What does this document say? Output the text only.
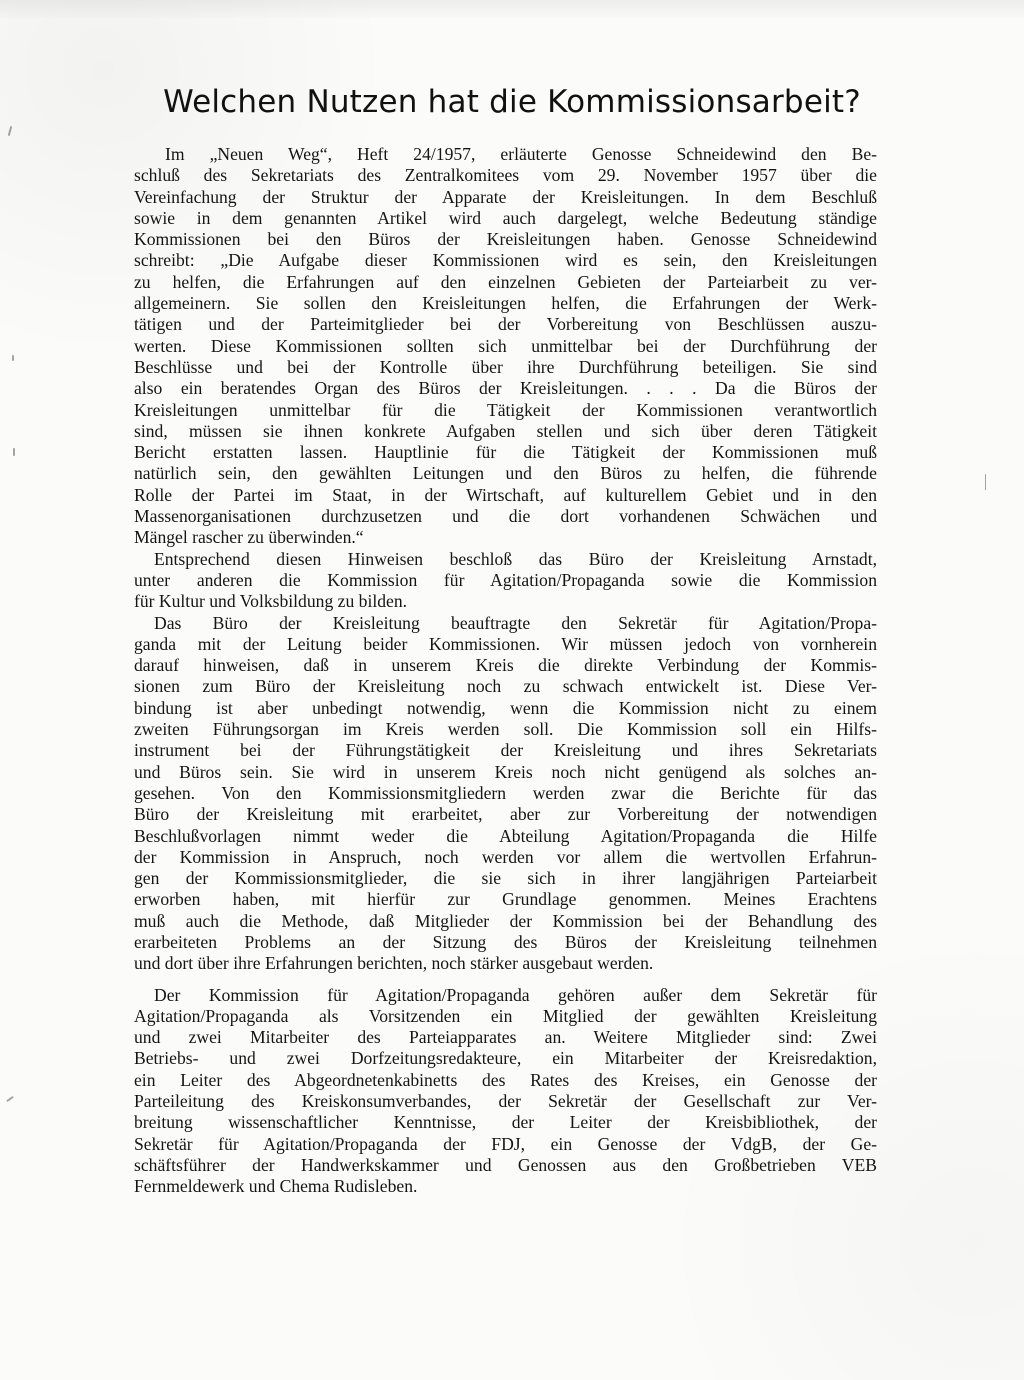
Welchen Nutzen hat die Kommissionsarbeit?

Im „Neuen Weg“, Heft 24/1957, erläuterte Genosse Schneidewind den Be-
schluß des Sekretariats des Zentralkomitees vom 29. November 1957 über die
Vereinfachung der Struktur der Apparate der Kreisleitungen. In dem Beschluß
sowie in dem genannten Artikel wird auch dargelegt, welche Bedeutung ständige
Kommissionen bei den Büros der Kreisleitungen haben. Genosse Schneidewind
schreibt: „Die Aufgabe dieser Kommissionen wird es sein, den Kreisleitungen
zu helfen, die Erfahrungen auf den einzelnen Gebieten der Parteiarbeit zu ver-
allgemeinern. Sie sollen den Kreisleitungen helfen, die Erfahrungen der Werk-
tätigen und der Parteimitglieder bei der Vorbereitung von Beschlüssen auszu-
werten. Diese Kommissionen sollten sich unmittelbar bei der Durchführung der
Beschlüsse und bei der Kontrolle über ihre Durchführung beteiligen. Sie sind
also ein beratendes Organ des Büros der Kreisleitungen. . . . Da die Büros der
Kreisleitungen unmittelbar für die Tätigkeit der Kommissionen verantwortlich
sind, müssen sie ihnen konkrete Aufgaben stellen und sich über deren Tätigkeit
Bericht erstatten lassen. Hauptlinie für die Tätigkeit der Kommissionen muß
natürlich sein, den gewählten Leitungen und den Büros zu helfen, die führende
Rolle der Partei im Staat, in der Wirtschaft, auf kulturellem Gebiet und in den
Massenorganisationen durchzusetzen und die dort vorhandenen Schwächen und
Mängel rascher zu überwinden.“

Entsprechend diesen Hinweisen beschloß das Büro der Kreisleitung Arnstadt,
unter anderen die Kommission für Agitation/Propaganda sowie die Kommission
für Kultur und Volksbildung zu bilden.

Das Büro der Kreisleitung beauftragte den Sekretär für Agitation/Propa-
ganda mit der Leitung beider Kommissionen. Wir müssen jedoch von vornherein
darauf hinweisen, daß in unserem Kreis die direkte Verbindung der Kommis-
sionen zum Büro der Kreisleitung noch zu schwach entwickelt ist. Diese Ver-
bindung ist aber unbedingt notwendig, wenn die Kommission nicht zu einem
zweiten Führungsorgan im Kreis werden soll. Die Kommission soll ein Hilfs-
instrument bei der Führungstätigkeit der Kreisleitung und ihres Sekretariats
und Büros sein. Sie wird in unserem Kreis noch nicht genügend als solches an-
gesehen. Von den Kommissionsmitgliedern werden zwar die Berichte für das
Büro der Kreisleitung mit erarbeitet, aber zur Vorbereitung der notwendigen
Beschlußvorlagen nimmt weder die Abteilung Agitation/Propaganda die Hilfe
der Kommission in Anspruch, noch werden vor allem die wertvollen Erfahrun-
gen der Kommissionsmitglieder, die sie sich in ihrer langjährigen Parteiarbeit
erworben haben, mit hierfür zur Grundlage genommen. Meines Erachtens
muß auch die Methode, daß Mitglieder der Kommission bei der Behandlung des
erarbeiteten Problems an der Sitzung des Büros der Kreisleitung teilnehmen
und dort über ihre Erfahrungen berichten, noch stärker ausgebaut werden.

Der Kommission für Agitation/Propaganda gehören außer dem Sekretär für
Agitation/Propaganda als Vorsitzenden ein Mitglied der gewählten Kreisleitung
und zwei Mitarbeiter des Parteiapparates an. Weitere Mitglieder sind: Zwei
Betriebs- und zwei Dorfzeitungsredakteure, ein Mitarbeiter der Kreisredaktion,
ein Leiter des Abgeordnetenkabinetts des Rates des Kreises, ein Genosse der
Parteileitung des Kreiskonsumverbandes, der Sekretär der Gesellschaft zur Ver-
breitung wissenschaftlicher Kenntnisse, der Leiter der Kreisbibliothek, der
Sekretär für Agitation/Propaganda der FDJ, ein Genosse der VdgB, der Ge-
schäftsführer der Handwerkskammer und Genossen aus den Großbetrieben VEB
Fernmeldewerk und Chema Rudisleben.
